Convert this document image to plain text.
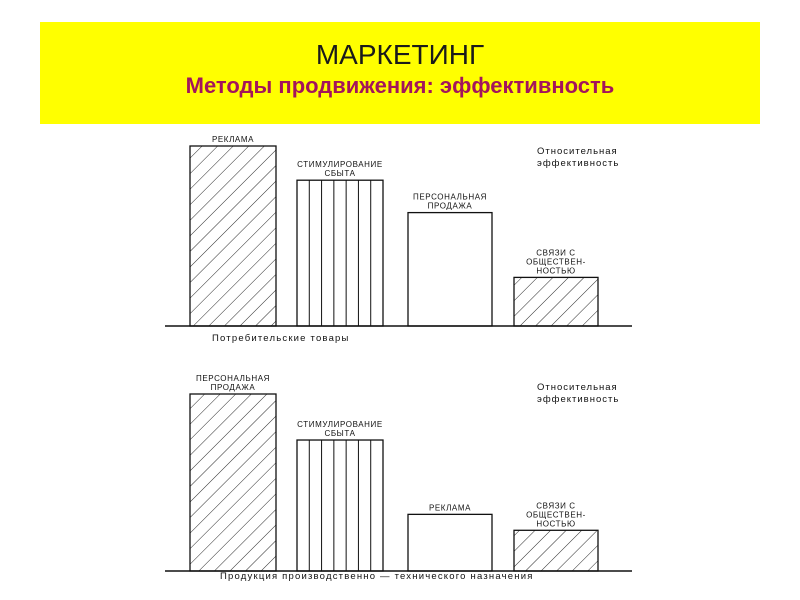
МАРКЕТИНГ
Методы продвижения: эффективность
РЕКЛАМА
СТИМУЛИРОВАНИЕ
СБЫТА
ПЕРСОНАЛЬНАЯ
ПРОДАЖА
СВЯЗИ С
ОБЩЕСТВЕН-
НОСТЬЮ
Потребительские товары
Относительная
эффективность
ПЕРСОНАЛЬНАЯ
ПРОДАЖА
СТИМУЛИРОВАНИЕ
СБЫТА
РЕКЛАМА	СВЯЗИ С
ОБЩЕСТВЕН-
НОСТЬЮ
Продукция производственно — технического назначения
Относительная
эффективность
